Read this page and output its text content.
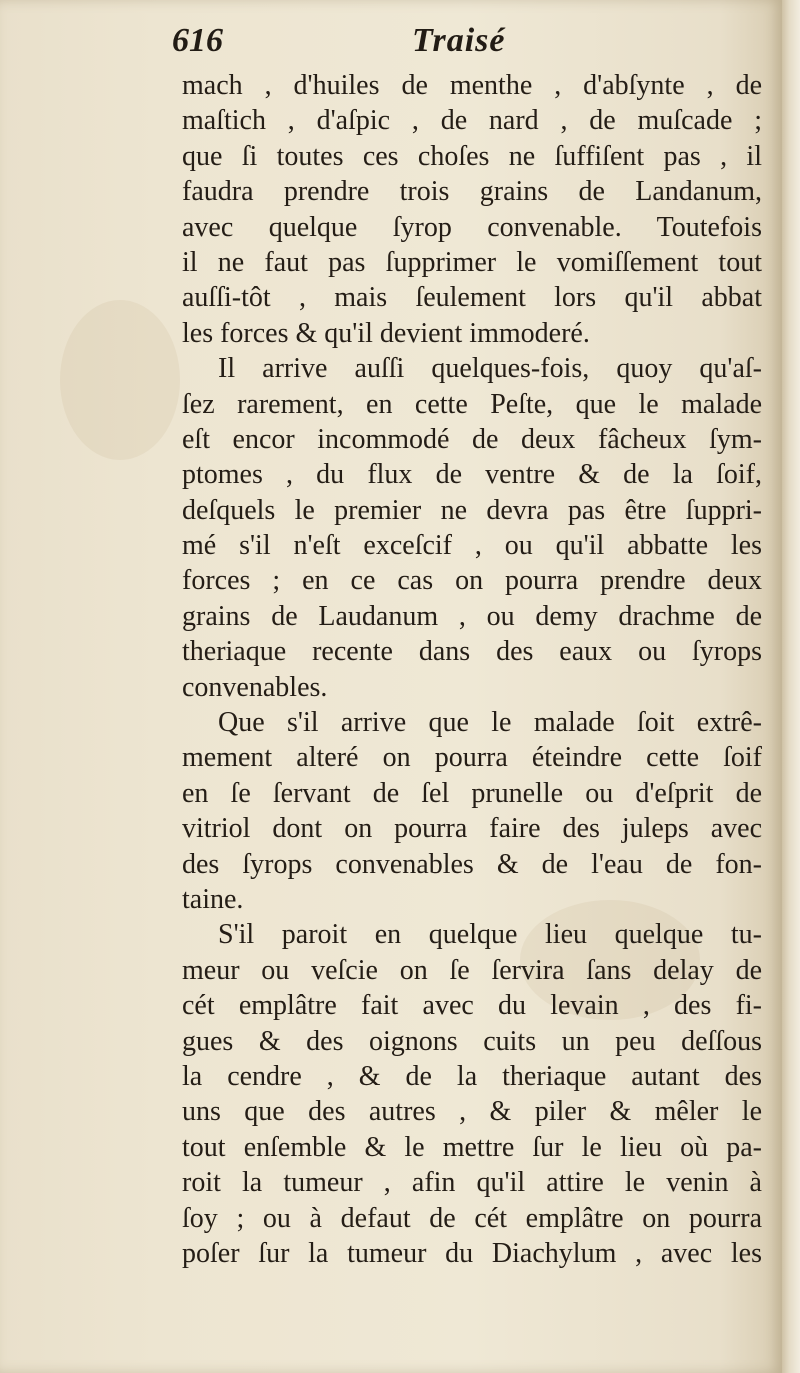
616	Traisé
mach , d'huiles de menthe , d'abſynte , de
maſtich , d'aſpic , de nard , de muſcade ;
que ſi toutes ces choſes ne ſuffiſent pas , il
faudra prendre trois grains de Landanum,
avec quelque ſyrop convenable. Toutefois
il ne faut pas ſupprimer le vomiſſement tout
auſſi-tôt , mais ſeulement lors qu'il abbat
les forces & qu'il devient immoderé.
Il arrive auſſi quelques-fois, quoy qu'aſ-
ſez rarement, en cette Peſte, que le malade
eſt encor incommodé de deux fâcheux ſym-
ptomes , du flux de ventre & de la ſoif,
deſquels le premier ne devra pas être ſuppri-
mé s'il n'eſt exceſcif , ou qu'il abbatte les
forces ; en ce cas on pourra prendre deux
grains de Laudanum , ou demy drachme de
theriaque recente dans des eaux ou ſyrops
convenables.
Que s'il arrive que le malade ſoit extrê-
mement alteré on pourra éteindre cette ſoif
en ſe ſervant de ſel prunelle ou d'eſprit de
vitriol dont on pourra faire des juleps avec
des ſyrops convenables & de l'eau de fon-
taine.
S'il paroit en quelque lieu quelque tu-
meur ou veſcie on ſe ſervira ſans delay de
cét emplâtre fait avec du levain , des fi-
gues & des oignons cuits un peu deſſous
la cendre , & de la theriaque autant des
uns que des autres , & piler & mêler le
tout enſemble & le mettre ſur le lieu où pa-
roit la tumeur , afin qu'il attire le venin à
ſoy ; ou à defaut de cét emplâtre on pourra
poſer ſur la tumeur du Diachylum , avec les
